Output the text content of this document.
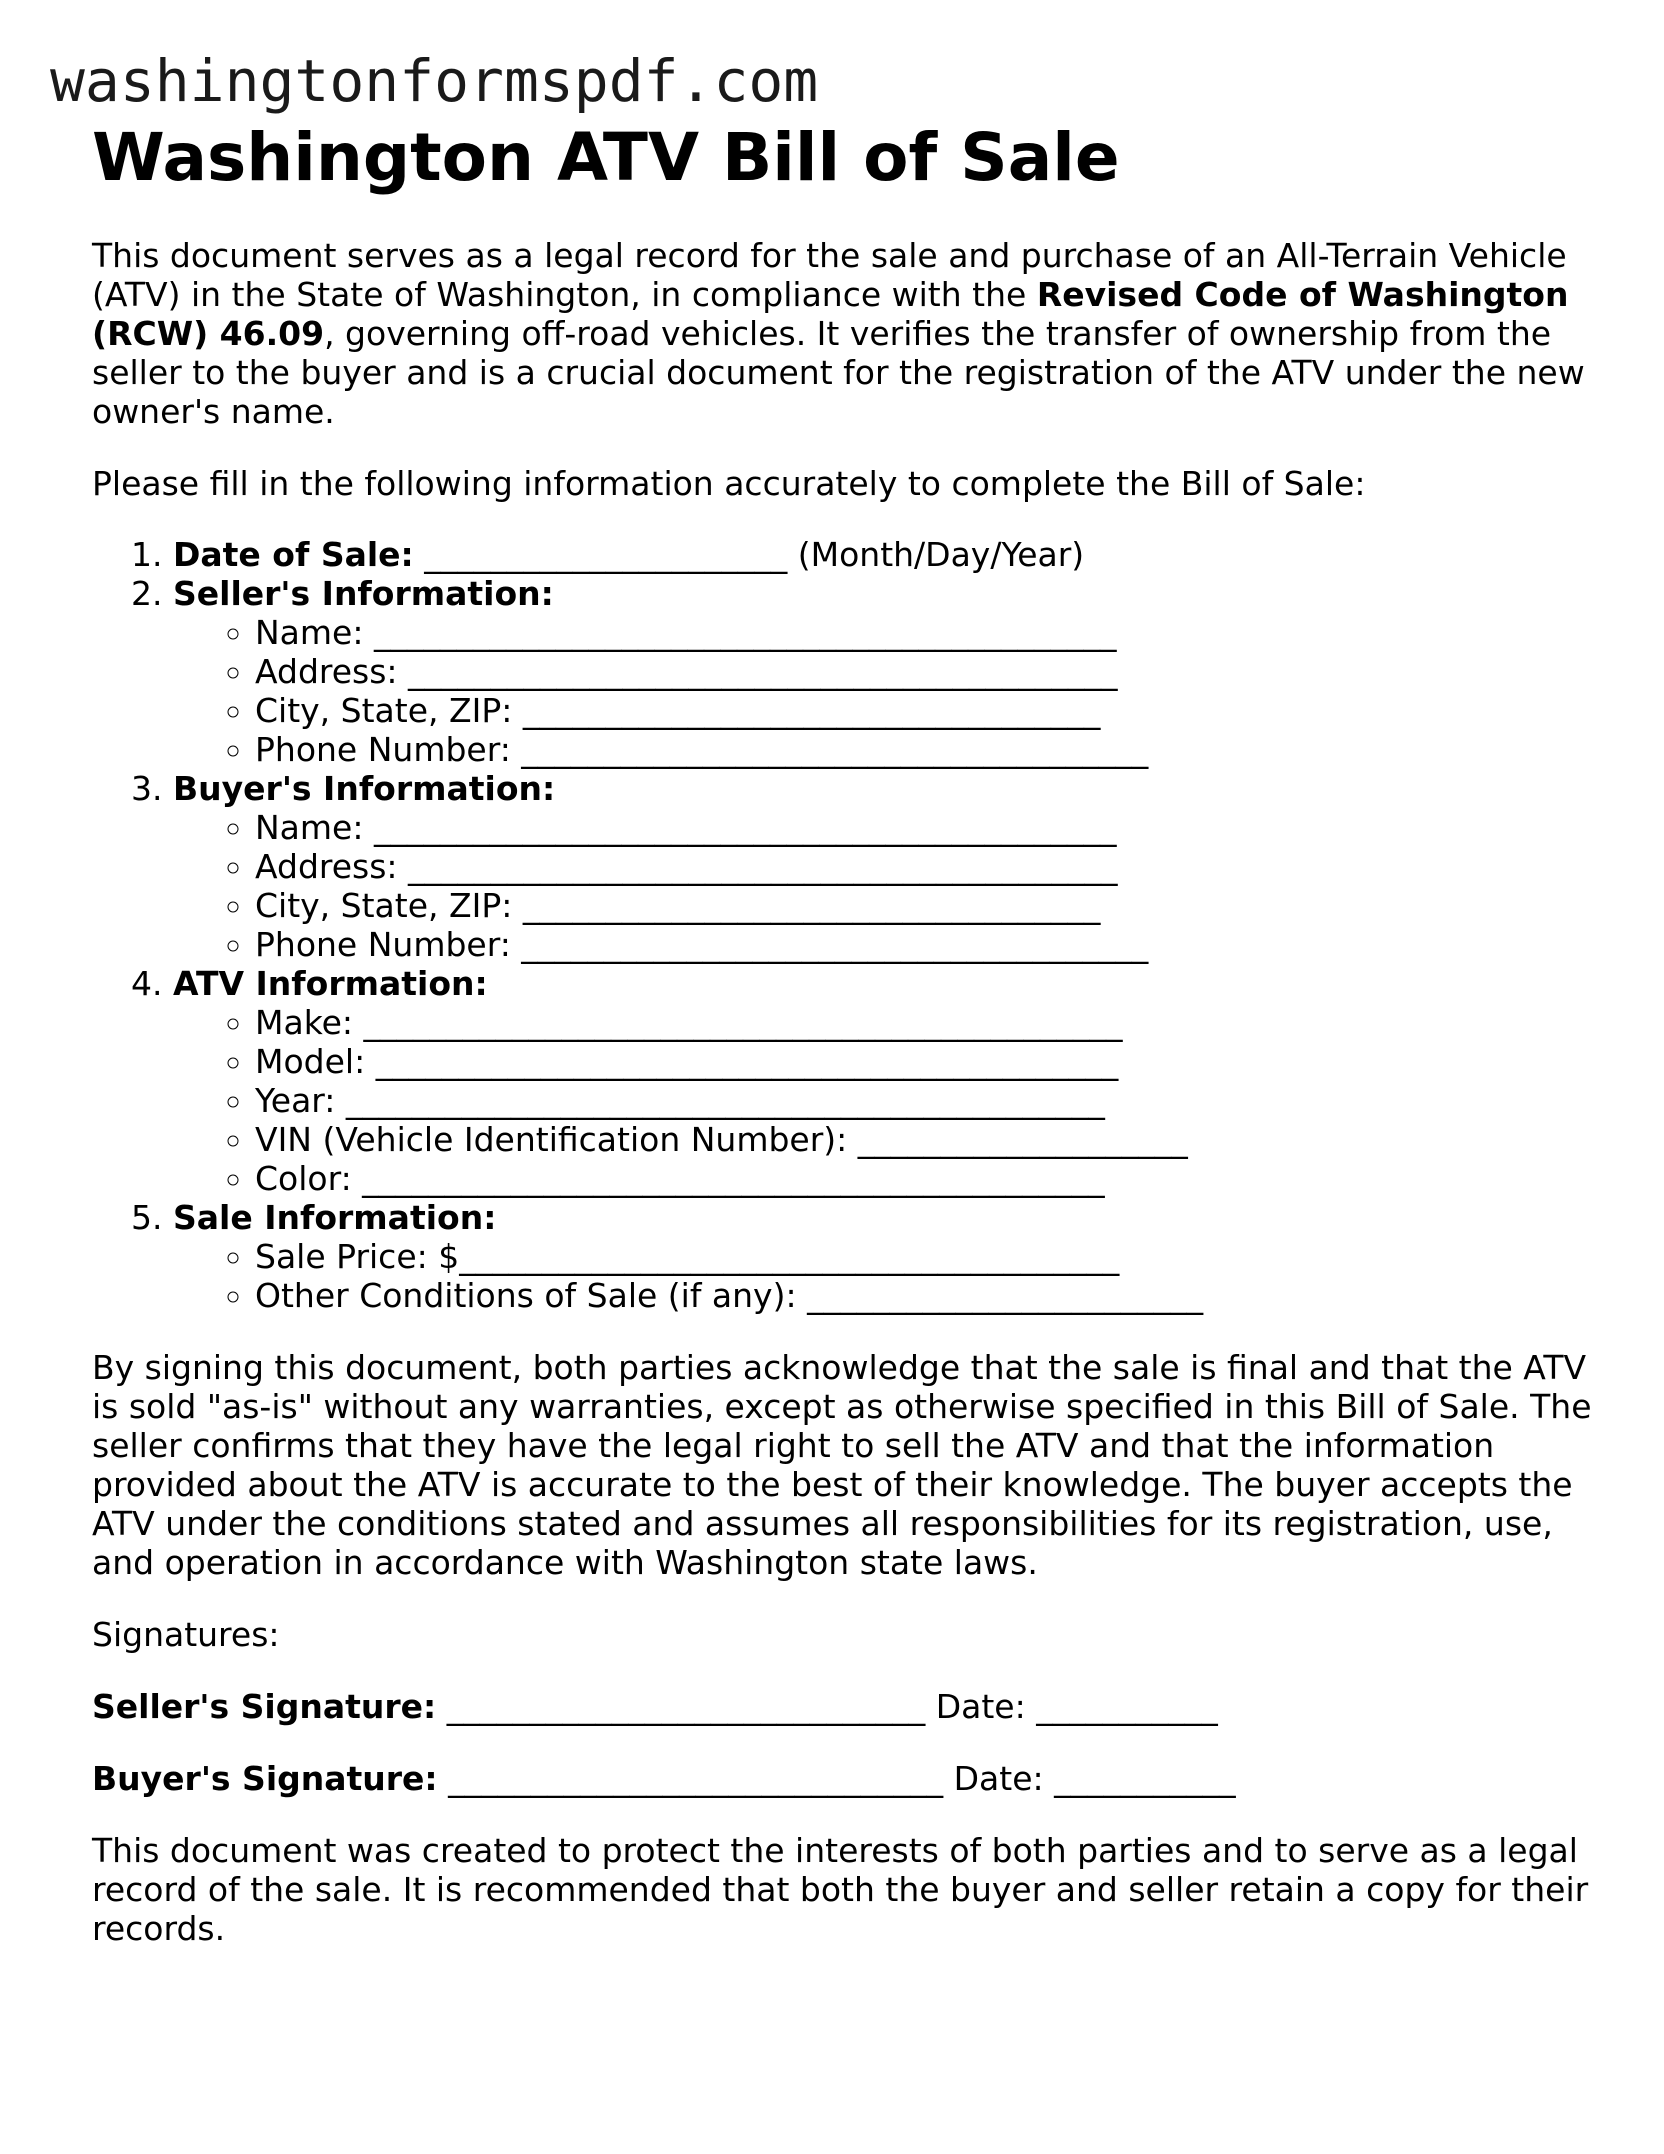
washingtonformspdf.com
Washington ATV Bill of Sale

This document serves as a legal record for the sale and purchase of an All-Terrain Vehicle (ATV) in the State of Washington, in compliance with the Revised Code of Washington (RCW) 46.09, governing off-road vehicles. It verifies the transfer of ownership from the seller to the buyer and is a crucial document for the registration of the ATV under the new owner's name.

Please fill in the following information accurately to complete the Bill of Sale:

1. Date of Sale: ______________________ (Month/Day/Year)
2. Seller's Information:
◦ Name: _____________________________________________
◦ Address: ___________________________________________
◦ City, State, ZIP: ___________________________________
◦ Phone Number: ______________________________________
3. Buyer's Information:
◦ Name: _____________________________________________
◦ Address: ___________________________________________
◦ City, State, ZIP: ___________________________________
◦ Phone Number: ______________________________________
4. ATV Information:
◦ Make: ______________________________________________
◦ Model: _____________________________________________
◦ Year: ______________________________________________
◦ VIN (Vehicle Identification Number): ____________________
◦ Color: _____________________________________________
5. Sale Information:
◦ Sale Price: $________________________________________
◦ Other Conditions of Sale (if any): ________________________

By signing this document, both parties acknowledge that the sale is final and that the ATV is sold "as-is" without any warranties, except as otherwise specified in this Bill of Sale. The seller confirms that they have the legal right to sell the ATV and that the information provided about the ATV is accurate to the best of their knowledge. The buyer accepts the ATV under the conditions stated and assumes all responsibilities for its registration, use, and operation in accordance with Washington state laws.

Signatures:

Seller's Signature: _____________________________ Date: ___________

Buyer's Signature: ______________________________ Date: ___________

This document was created to protect the interests of both parties and to serve as a legal record of the sale. It is recommended that both the buyer and seller retain a copy for their records.
